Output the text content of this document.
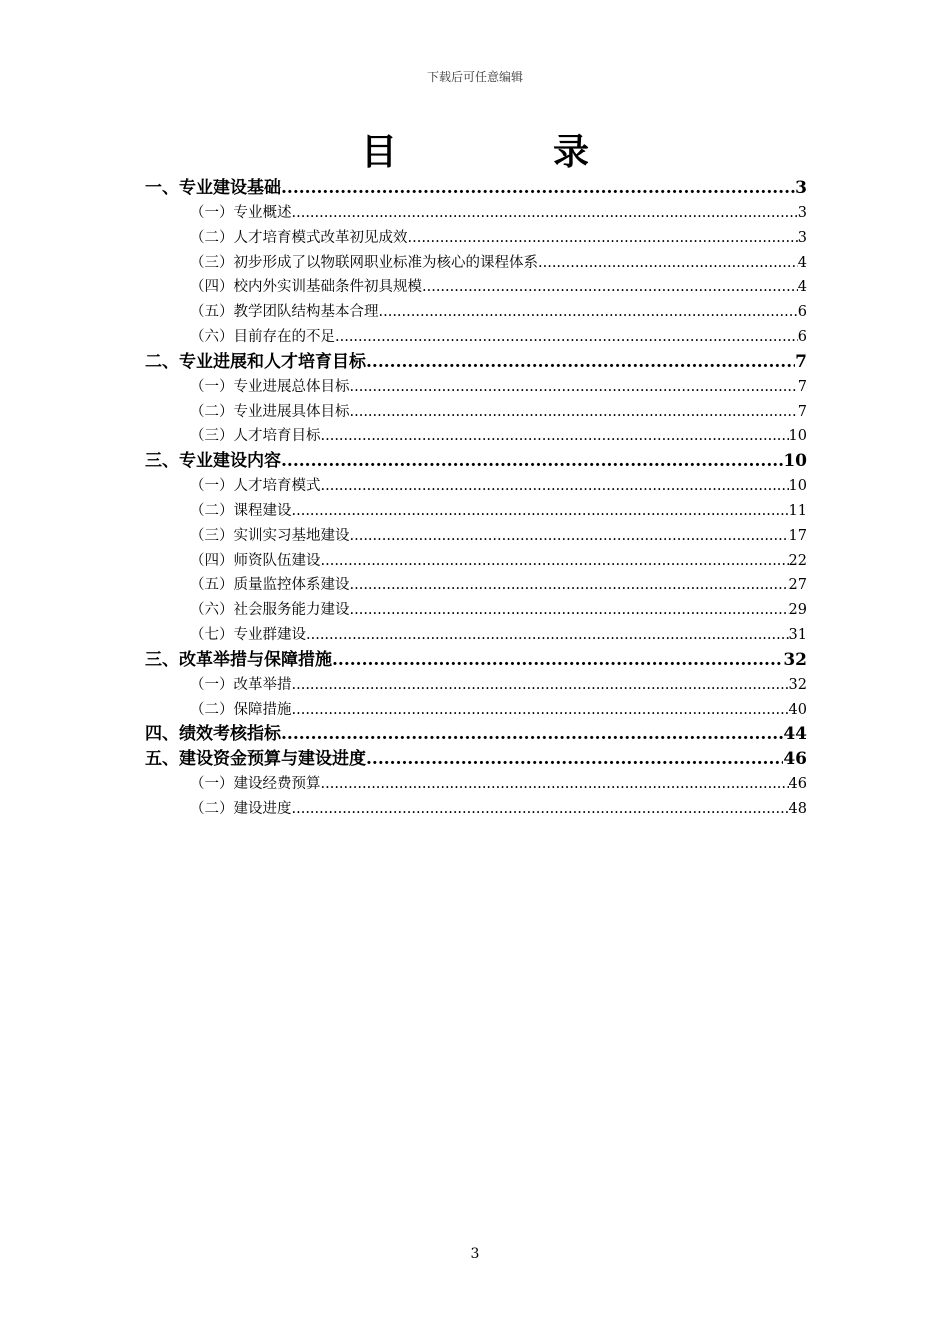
下载后可任意编辑
目　录
一、专业建设基础 .....	3
（一）专业概述 .....	3
（二）人才培育模式改革初见成效 .....	3
（三）初步形成了以物联网职业标准为核心的课程体系 .....	4
（四）校内外实训基础条件初具规模 .....	4
（五）教学团队结构基本合理 .....	6
（六）目前存在的不足 .....	6
二、专业进展和人才培育目标 .....	7
（一）专业进展总体目标 .....	7
（二）专业进展具体目标 .....	7
（三）人才培育目标 .....	10
三、专业建设内容 .....	10
（一）人才培育模式 .....	10
（二）课程建设 .....	11
（三）实训实习基地建设 .....	17
（四）师资队伍建设 .....	22
（五）质量监控体系建设 .....	27
（六）社会服务能力建设 .....	29
（七）专业群建设 .....	31
三、改革举措与保障措施 .....	32
（一）改革举措 .....	32
（二）保障措施 .....	40
四、绩效考核指标 .....	44
五、建设资金预算与建设进度 .....	46
（一）建设经费预算 .....	46
（二）建设进度 .....	48
3
